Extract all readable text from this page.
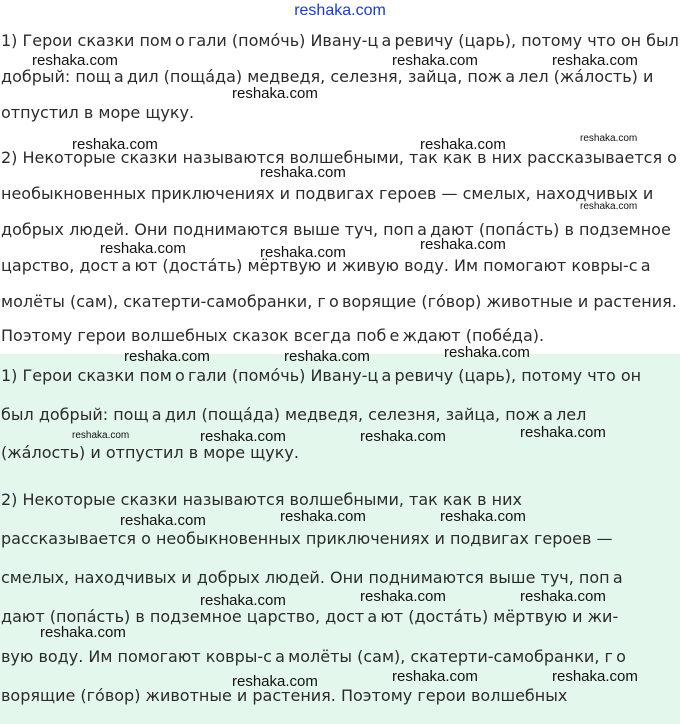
reshaka.com
1) Герои сказки пом о гали (помо́чь) Ивану-ц а ревичу (царь), потому что он был
добрый: пощ а дил (поща́да) медведя, селезня, зайца, пож а лел (жа́лость) и
отпустил в море щуку.
2) Некоторые сказки называются волшебными, так как в них рассказывается о
необыкновенных приключениях и подвигах героев — смелых, находчивых и
добрых людей. Они поднимаются выше туч, поп а дают (попа́сть) в подземное
царство, дост а ют (доста́ть) мёртвую и живую воду. Им помогают ковры-с а
молёты (сам), скатерти-самобранки, г о ворящие (го́вор) животные и растения.
Поэтому герои волшебных сказок всегда поб е ждают (побе́да).
1) Герои сказки пом о гали (помо́чь) Ивану-ц а ревичу (царь), потому что он
был добрый: пощ а дил (поща́да) медведя, селезня, зайца, пож а лел
(жа́лость) и отпустил в море щуку.
2) Некоторые сказки называются волшебными, так как в них
рассказывается о необыкновенных приключениях и подвигах героев —
смелых, находчивых и добрых людей. Они поднимаются выше туч, поп а
дают (попа́сть) в подземное царство, дост а ют (доста́ть) мёртвую и жи-
вую воду. Им помогают ковры-с а молёты (сам), скатерти-самобранки, г о
ворящие (го́вор) животные и растения. Поэтому герои волшебных
reshaka.com	reshaka.com	reshaka.com
reshaka.com
reshaka.com	reshaka.com	reshaka.com
reshaka.com
reshaka.com
reshaka.com	reshaka.com	reshaka.com
reshaka.com	reshaka.com	reshaka.com
reshaka.com	reshaka.com	reshaka.com	reshaka.com
reshaka.com	reshaka.com	reshaka.com
reshaka.com	reshaka.com	reshaka.com
reshaka.com
reshaka.com	reshaka.com	reshaka.com
